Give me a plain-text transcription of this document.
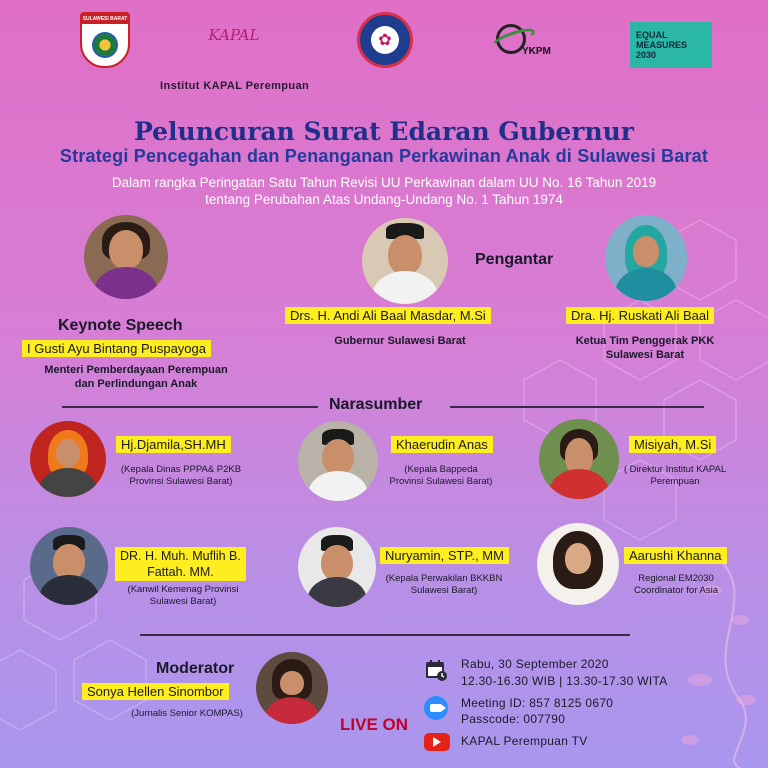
SULAWESI BARAT
KAPAL
Institut KAPAL Perempuan
✿
YKPM
EQUAL
MEASURES
2030
Peluncuran Surat Edaran Gubernur
Strategi Pencegahan dan Penanganan Perkawinan Anak di Sulawesi Barat
Dalam rangka Peringatan Satu Tahun Revisi UU Perkawinan dalam UU No. 16 Tahun 2019
tentang Perubahan Atas Undang-Undang No. 1 Tahun 1974
Keynote Speech
I Gusti Ayu Bintang Puspayoga
Menteri Pemberdayaan Perempuan
dan Perlindungan Anak
Pengantar
Drs. H. Andi Ali Baal Masdar, M.Si
Gubernur Sulawesi Barat
Dra. Hj. Ruskati Ali Baal
Ketua Tim Penggerak PKK
Sulawesi Barat
Narasumber
Hj.Djamila,SH.MH
(Kepala Dinas PPPA& P2KB
Provinsi Sulawesi Barat)
Khaerudin Anas
(Kepala Bappeda
Provinsi Sulawesi Barat)
Misiyah, M.Si
( Direktur Institut KAPAL
Perempuan
DR. H. Muh. Muflih B.
Fattah. MM.
(Kanwil Kemenag Provinsi
Sulawesi Barat)
Nuryamin, STP., MM
(Kepala Perwakilan BKKBN
Sulawesi Barat)
Aarushi Khanna
Regional EM2030
Coordinator for Asia
Moderator
Sonya Hellen Sinombor
(Jurnalis Senior KOMPAS)
LIVE ON
Rabu, 30 September 2020
12.30-16.30 WIB | 13.30-17.30 WITA
Meeting ID: 857 8125 0670
Passcode: 007790
KAPAL Perempuan TV
